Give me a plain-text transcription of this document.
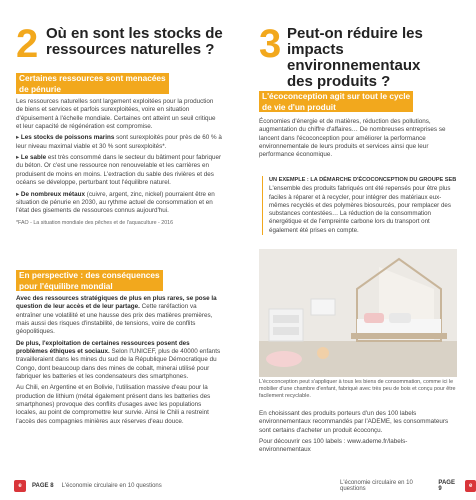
2 Où en sont les stocks de
ressources naturelles ?
Certaines ressources sont menacées
de pénurie

Les ressources naturelles sont largement exploitées pour la production de biens et services et parfois surexploitées, voire en situation d'épuisement à l'échelle mondiale. Certaines ont atteint un seuil critique et leur capacité de régénération est compromise.

▸ Les stocks de poissons marins sont surexploités pour près de 60 % à leur niveau maximal viable et 30 % sont surexploités*.

▸ Le sable est très consommé dans le secteur du bâtiment pour fabriquer du béton. Or c'est une ressource non renouvelable et les carrières en produisent de moins en moins. L'extraction du sable des rivières et des océans se développe, perturbant tout l'équilibre naturel.

▸ De nombreux métaux (cuivre, argent, zinc, nickel) pourraient être en situation de pénurie en 2030, au rythme actuel de consommation et en l'état des gisements de ressources connus aujourd'hui.

*FAO - La situation mondiale des pêches et de l'aquaculture - 2016

En perspective : des conséquences
pour l'équilibre mondial

Avec des ressources stratégiques de plus en plus rares, se pose la question de leur accès et de leur partage. Cette raréfaction va entraîner une volatilité et une hausse des prix des matières premières, mais aussi des risques d'instabilité, de tensions, voire de conflits géopolitiques.

De plus, l'exploitation de certaines ressources posent des problèmes éthiques et sociaux. Selon l'UNICEF, plus de 40000 enfants travailleraient dans les mines du sud de la République Démocratique du Congo, dont beaucoup dans des mines de cobalt, minerai utilisé pour fabriquer les batteries et les condensateurs des smartphones.

Au Chili, en Argentine et en Bolivie, l'utilisation massive d'eau pour la production de lithium (métal également présent dans les batteries des smartphones) provoque des conflits d'usages avec les populations locales, au point de compromettre leur survie. Ainsi le Chili a restreint l'accès des compagnies minières aux réserves d'eau douce.

e	PAGE 8 L'économie circulaire en 10 questions
3 Peut-on réduire les impacts
environnementaux
des produits ?
L'écoconception agit sur tout le cycle
de vie d'un produit

Économies d'énergie et de matières, réduction des pollutions, augmentation du chiffre d'affaires… De nombreuses entreprises se lancent dans l'écoconception pour améliorer la performance environnementale de leurs produits et services ainsi que leur performance économique.

UN EXEMPLE : LA DÉMARCHE D'ÉCOCONCEPTION DU GROUPE SEB
L'ensemble des produits fabriqués ont été repensés pour être plus faciles à réparer et à recycler, pour intégrer des matériaux eux-mêmes recyclés et des polymères biosourcés, pour remplacer des substances contestées… La réduction de la consommation énergétique et de l'empreinte carbone lors du transport ont également été prises en compte.
L'écoconception peut s'appliquer à tous les biens de consommation, comme ici le mobilier d'une chambre d'enfant, fabriqué avec très peu de bois et conçu pour être facilement recyclable.

En choisissant des produits porteurs d'un des 100 labels environnementaux recommandés par l'ADEME, les consommateurs sont certains d'acheter un produit écoconçu.

Pour découvrir ces 100 labels : www.ademe.fr/labels-environnementaux

L'économie circulaire en 10 questions
PAGE 9	e
